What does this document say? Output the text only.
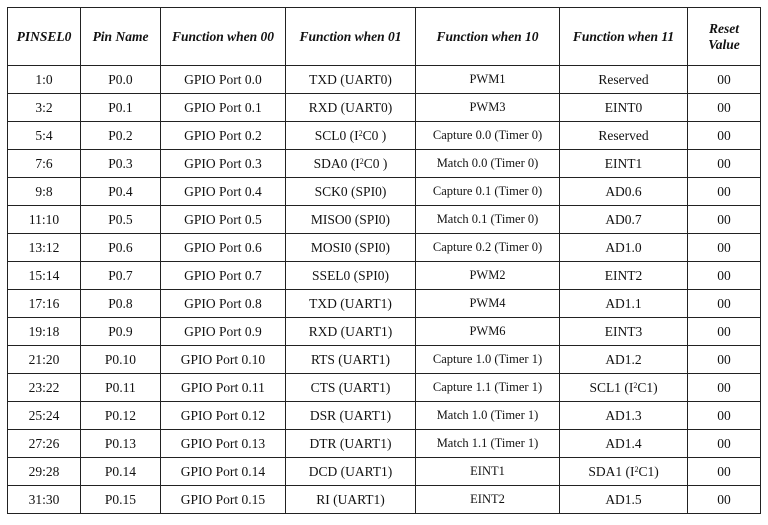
PINSEL0	Pin Name	Function when 00	Function when 01	Function when 10	Function when 11	Reset Value
1:0	P0.0	GPIO Port 0.0	TXD (UART0)	PWM1	Reserved	00
3:2	P0.1	GPIO Port 0.1	RXD (UART0)	PWM3	EINT0	00
5:4	P0.2	GPIO Port 0.2	SCL0 ($I^2C0$ )	Capture 0.0 (Timer 0)	Reserved	00
7:6	P0.3	GPIO Port 0.3	SDA0 ($I^2C0$ )	Match 0.0 (Timer 0)	EINT1	00
9:8	P0.4	GPIO Port 0.4	SCK0 (SPI0)	Capture 0.1 (Timer 0)	AD0.6	00
11:10	P0.5	GPIO Port 0.5	MISO0 (SPI0)	Match 0.1 (Timer 0)	AD0.7	00
13:12	P0.6	GPIO Port 0.6	MOSI0 (SPI0)	Capture 0.2 (Timer 0)	AD1.0	00
15:14	P0.7	GPIO Port 0.7	SSEL0 (SPI0)	PWM2	EINT2	00
17:16	P0.8	GPIO Port 0.8	TXD (UART1)	PWM4	AD1.1	00
19:18	P0.9	GPIO Port 0.9	RXD (UART1)	PWM6	EINT3	00
21:20	P0.10	GPIO Port 0.10	RTS (UART1)	Capture 1.0 (Timer 1)	AD1.2	00
23:22	P0.11	GPIO Port 0.11	CTS (UART1)	Capture 1.1 (Timer 1)	SCL1 $(I^2C1)$	00
25:24	P0.12	GPIO Port 0.12	DSR (UART1)	Match 1.0 (Timer 1)	AD1.3	00
27:26	P0.13	GPIO Port 0.13	DTR (UART1)	Match 1.1 (Timer 1)	AD1.4	00
29:28	P0.14	GPIO Port 0.14	DCD (UART1)	EINT1	SDA1 $(I^2C1)$	00
31:30	P0.15	GPIO Port 0.15	RI (UART1)	EINT2	AD1.5	00
